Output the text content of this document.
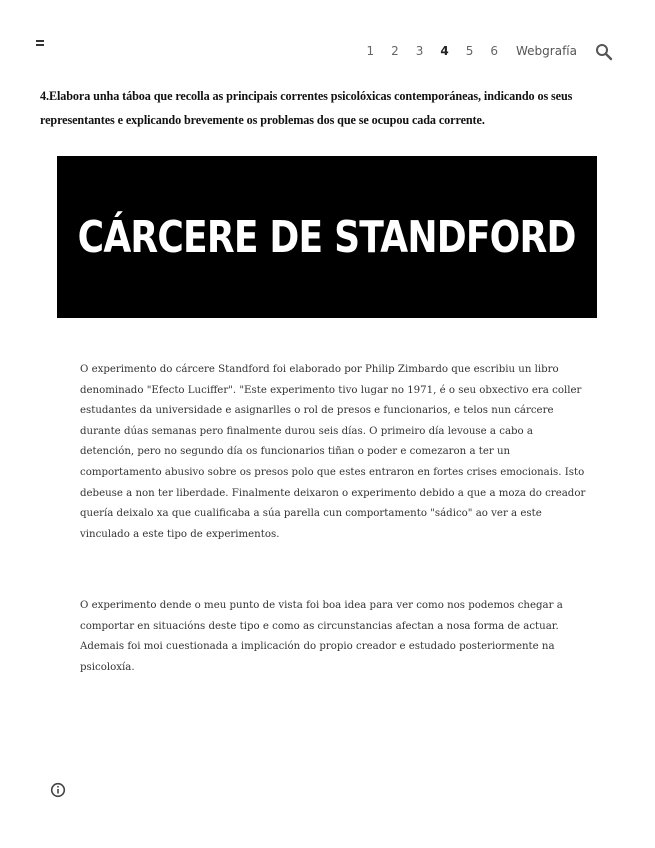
1 2 3 4 5 6 Webgrafía
4.Elabora unha táboa que recolla as principais correntes psicolóxicas contemporáneas, indicando os seus representantes e explicando brevemente os problemas dos que se ocupou cada corrente.
CÁRCERE DE STANDFORD

O experimento do cárcere Standford foi elaborado por Philip Zimbardo que escribiu un libro denominado "Efecto Luciffer". "Este experimento tivo lugar no 1971, é o seu obxectivo era coller estudantes da universidade e asignarlles o rol de presos e funcionarios, e telos nun cárcere durante dúas semanas pero finalmente durou seis días. O primeiro día levouse a cabo a detención, pero no segundo día os funcionarios tiñan o poder e comezaron a ter un comportamento abusivo sobre os presos polo que estes entraron en fortes crises emocionais. Isto debeuse a non ter liberdade. Finalmente deixaron o experimento debido a que a moza do creador quería deixalo xa que cualificaba a súa parella cun comportamento "sádico" ao ver a este vinculado a este tipo de experimentos.

O experimento dende o meu punto de vista foi boa idea para ver como nos podemos chegar a comportar en situacións deste tipo e como as circunstancias afectan a nosa forma de actuar. Ademais foi moi cuestionada a implicación do propio creador e estudado posteriormente na psicoloxía.
